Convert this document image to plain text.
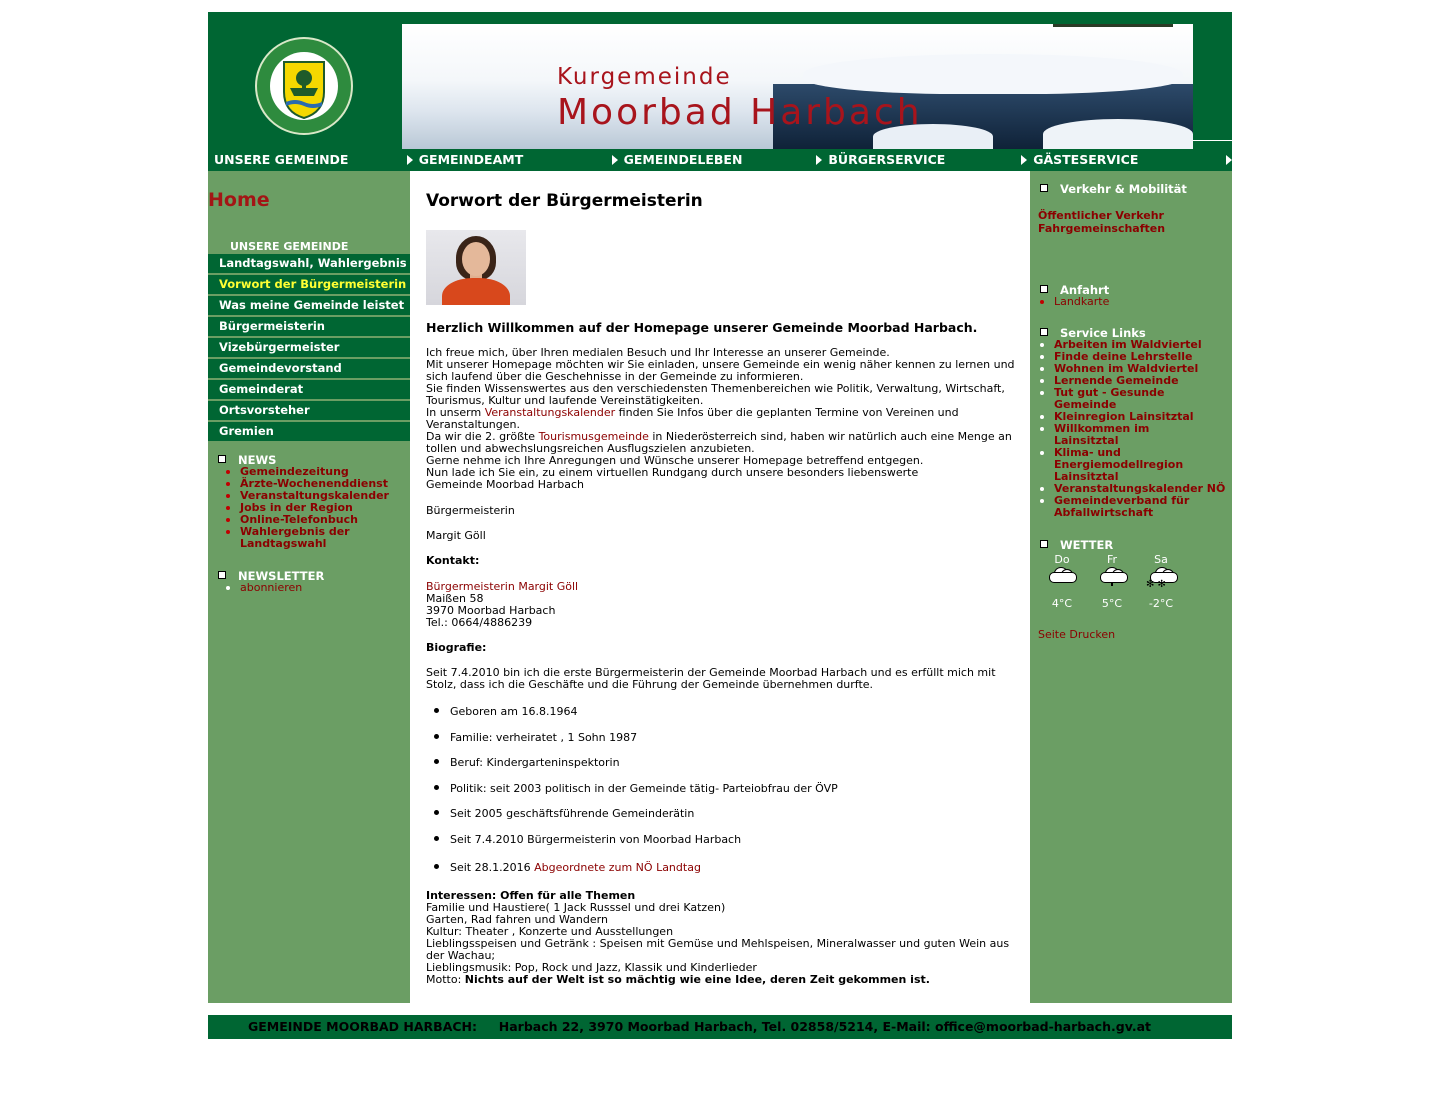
Kurgemeinde
Moorbad Harbach
UNSERE GEMEINDE	GEMEINDEAMT	GEMEINDELEBEN	BÜRGERSERVICE	GÄSTESERVICE
Home
UNSERE GEMEINDE
Landtagswahl, Wahlergebnis
Vorwort der Bürgermeisterin
Was meine Gemeinde leistet
Bürgermeisterin
Vizebürgermeister
Gemeindevorstand
Gemeinderat
Ortsvorsteher
Gremien
NEWS
Gemeindezeitung
Ärzte-Wochenenddienst
Veranstaltungskalender
Jobs in der Region
Online-Telefonbuch
Wahlergebnis der Landtagswahl
NEWSLETTER
abonnieren
Vorwort der Bürgermeisterin
Herzlich Willkommen auf der Homepage unserer Gemeinde Moorbad Harbach.
Ich freue mich, über Ihren medialen Besuch und Ihr Interesse an unserer Gemeinde.
Mit unserer Homepage möchten wir Sie einladen, unsere Gemeinde ein wenig näher kennen zu lernen und sich laufend über die Geschehnisse in der Gemeinde zu informieren.
Sie finden Wissenswertes aus den verschiedensten Themenbereichen wie Politik, Verwaltung, Wirtschaft, Tourismus, Kultur und laufende Vereinstätigkeiten.
In unserm Veranstaltungskalender finden Sie Infos über die geplanten Termine von Vereinen und Veranstaltungen.
Da wir die 2. größte Tourismusgemeinde in Niederösterreich sind, haben wir natürlich auch eine Menge an tollen und abwechslungsreichen Ausflugszielen anzubieten.
Gerne nehme ich Ihre Anregungen und Wünsche unserer Homepage betreffend entgegen.
Nun lade ich Sie ein, zu einem virtuellen Rundgang durch unsere besonders liebenswerte
Gemeinde Moorbad Harbach
Bürgermeisterin
Margit Göll
Kontakt:
Bürgermeisterin Margit Göll
Maißen 58
3970 Moorbad Harbach
Tel.: 0664/4886239
Biografie:
Seit 7.4.2010 bin ich die erste Bürgermeisterin der Gemeinde Moorbad Harbach und es erfüllt mich mit Stolz, dass ich die Geschäfte und die Führung der Gemeinde übernehmen durfte.
Geboren am 16.8.1964
Familie: verheiratet , 1 Sohn 1987
Beruf: Kindergarteninspektorin
Politik: seit 2003 politisch in der Gemeinde tätig- Parteiobfrau der ÖVP
Seit 2005 geschäftsführende Gemeinderätin
Seit 7.4.2010 Bürgermeisterin von Moorbad Harbach
Seit 28.1.2016 Abgeordnete zum NÖ Landtag
Interessen: Offen für alle Themen
Familie und Haustiere( 1 Jack Russsel und drei Katzen)
Garten, Rad fahren und Wandern
Kultur: Theater , Konzerte und Ausstellungen
Lieblingsspeisen und Getränk : Speisen mit Gemüse und Mehlspeisen, Mineralwasser und guten Wein aus der Wachau;
Lieblingsmusik: Pop, Rock und Jazz, Klassik und Kinderlieder
Motto: Nichts auf der Welt ist so mächtig wie eine Idee, deren Zeit gekommen ist.
Verkehr & Mobilität
Öffentlicher Verkehr
Fahrgemeinschaften
Anfahrt
Landkarte
Service Links
Arbeiten im Waldviertel
Finde deine Lehrstelle
Wohnen im Waldviertel
Lernende Gemeinde
Tut gut - Gesunde Gemeinde
Kleinregion Lainsitztal
Willkommen im Lainsitztal
Klima- und Energiemodellregion Lainsitztal
Veranstaltungskalender NÖ
Gemeindeverband für Abfallwirtschaft
WETTER
Do
4°C
Fr
5°C
Sa
✻ ✻
-2°C
Seite Drucken
GEMEINDE MOORBAD HARBACH:     Harbach 22, 3970 Moorbad Harbach, Tel. 02858/5214, E-Mail: office@moorbad-harbach.gv.at
